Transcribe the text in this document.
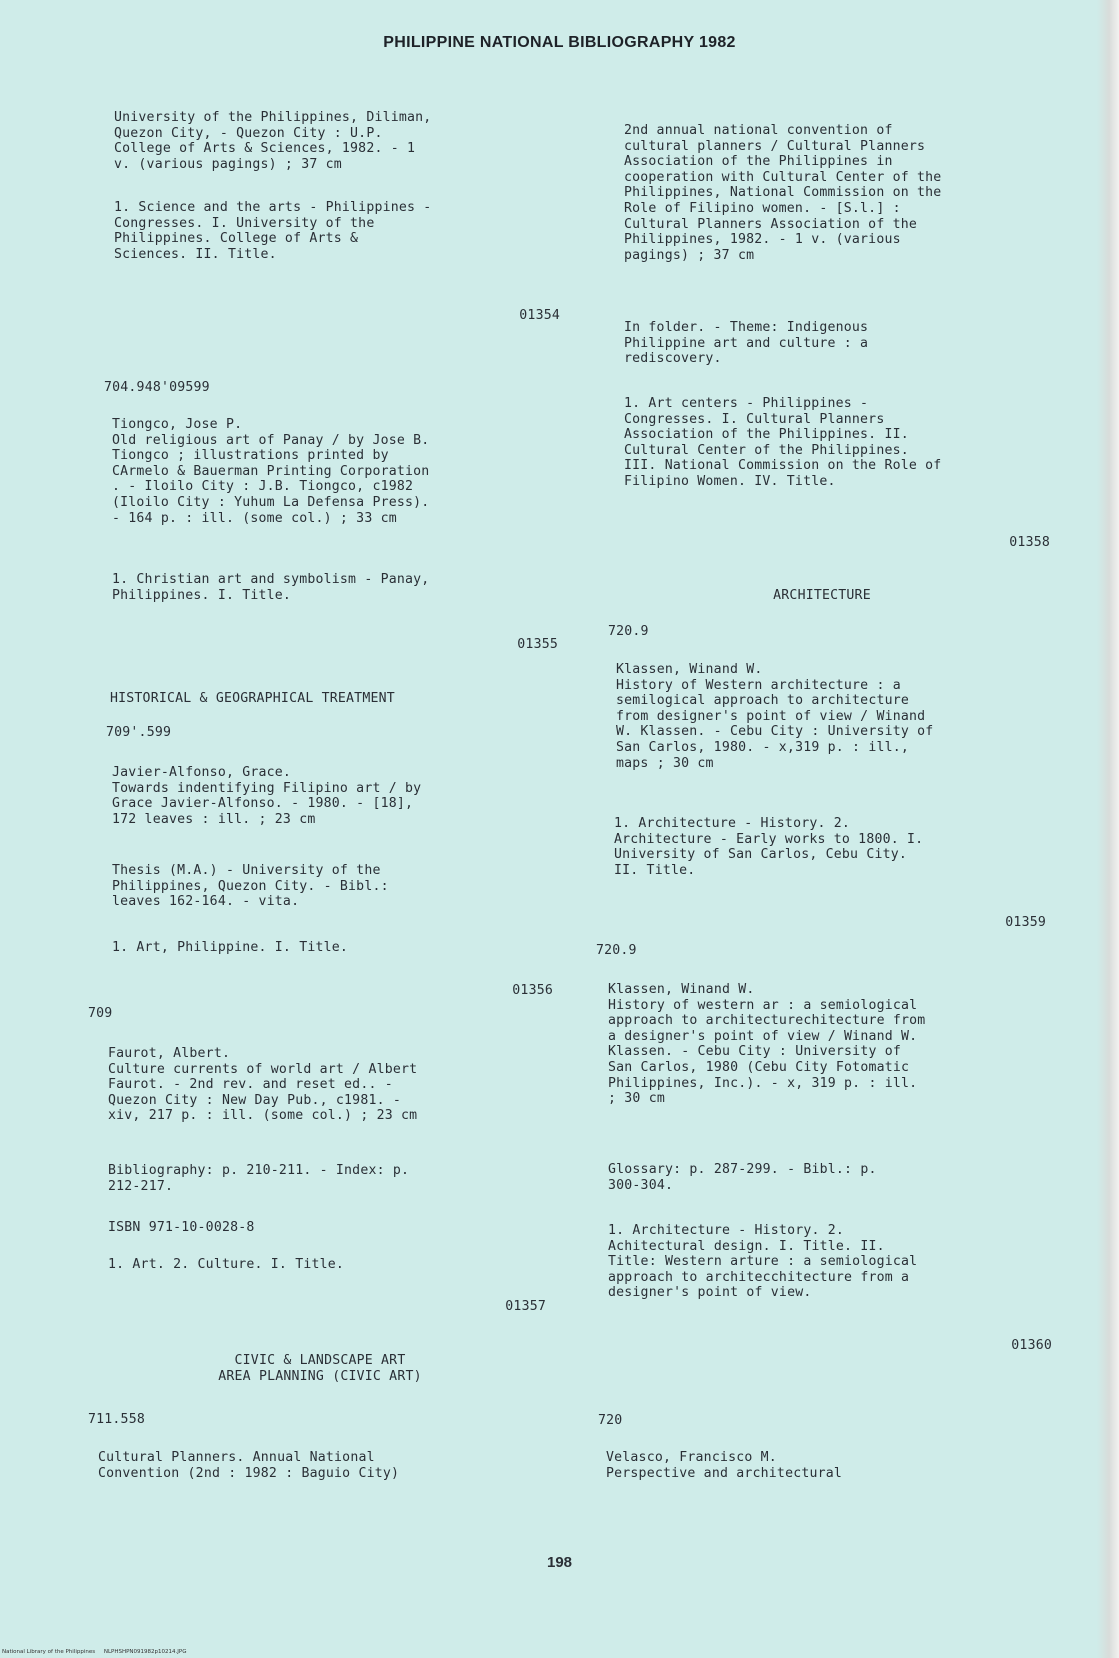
PHILIPPINE NATIONAL BIBLIOGRAPHY 1982
University of the Philippines, Diliman,
Quezon City, - Quezon City : U.P.
College of Arts & Sciences, 1982. - 1
v. (various pagings) ; 37 cm
1. Science and the arts - Philippines -
Congresses. I. University of the
Philippines. College of Arts &
Sciences. II. Title.
01354
704.948'09599
Tiongco, Jose P.
Old religious art of Panay / by Jose B.
Tiongco ; illustrations printed by
CArmelo & Bauerman Printing Corporation
. - Iloilo City : J.B. Tiongco, c1982
(Iloilo City : Yuhum La Defensa Press).
- 164 p. : ill. (some col.) ; 33 cm
1. Christian art and symbolism - Panay,
Philippines. I. Title.
01355
HISTORICAL & GEOGRAPHICAL TREATMENT
709'.599
Javier-Alfonso, Grace.
Towards indentifying Filipino art / by
Grace Javier-Alfonso. - 1980. - [18],
172 leaves : ill. ; 23 cm
Thesis (M.A.) - University of the
Philippines, Quezon City. - Bibl.:
leaves 162-164. - vita.
1. Art, Philippine. I. Title.
01356
709
Faurot, Albert.
Culture currents of world art / Albert
Faurot. - 2nd rev. and reset ed.. -
Quezon City : New Day Pub., c1981. -
xiv, 217 p. : ill. (some col.) ; 23 cm
Bibliography: p. 210-211. - Index: p.
212-217.
ISBN 971-10-0028-8
1. Art. 2. Culture. I. Title.
01357
CIVIC & LANDSCAPE ART
AREA PLANNING (CIVIC ART)
711.558
Cultural Planners. Annual National
Convention (2nd : 1982 : Baguio City)
2nd annual national convention of
cultural planners / Cultural Planners
Association of the Philippines in
cooperation with Cultural Center of the
Philippines, National Commission on the
Role of Filipino women. - [S.l.] :
Cultural Planners Association of the
Philippines, 1982. - 1 v. (various
pagings) ; 37 cm
In folder. - Theme: Indigenous
Philippine art and culture : a
rediscovery.
1. Art centers - Philippines -
Congresses. I. Cultural Planners
Association of the Philippines. II.
Cultural Center of the Philippines.
III. National Commission on the Role of
Filipino Women. IV. Title.
01358
ARCHITECTURE
720.9
Klassen, Winand W.
History of Western architecture : a
semilogical approach to architecture
from designer's point of view / Winand
W. Klassen. - Cebu City : University of
San Carlos, 1980. - x,319 p. : ill.,
maps ; 30 cm
1. Architecture - History. 2.
Architecture - Early works to 1800. I.
University of San Carlos, Cebu City.
II. Title.
01359
720.9
Klassen, Winand W.
History of western ar : a semiological
approach to architecturechitecture from
a designer's point of view / Winand W.
Klassen. - Cebu City : University of
San Carlos, 1980 (Cebu City Fotomatic
Philippines, Inc.). - x, 319 p. : ill.
; 30 cm
Glossary: p. 287-299. - Bibl.: p.
300-304.
1. Architecture - History. 2.
Achitectural design. I. Title. II.
Title: Western arture : a semiological
approach to architecchitecture from a
designer's point of view.
01360
720
Velasco, Francisco M.
Perspective and architectural
198
National Library of the Philippines     NLPHSHPN091982p10214.JPG
